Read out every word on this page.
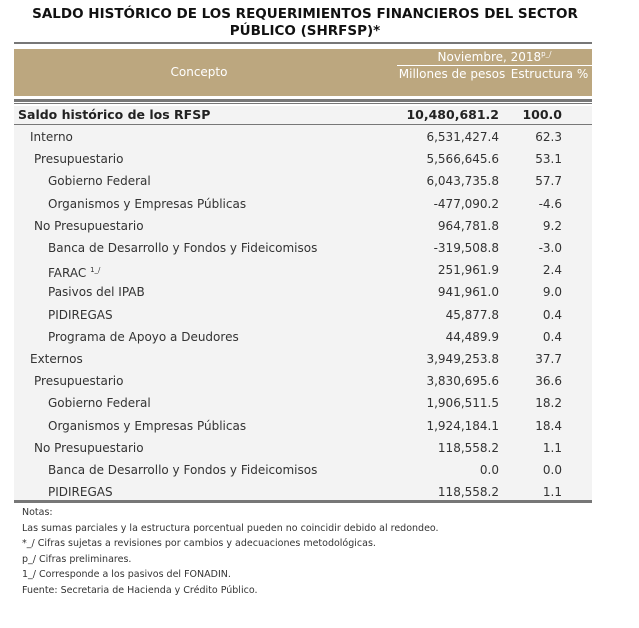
SALDO HISTÓRICO DE LOS REQUERIMIENTOS FINANCIEROS DEL SECTOR PÚBLICO (SHRFSP)*
Concepto
Noviembre, $2018^{p\_/}$
Millones de pesos Estructura %
Saldo histórico de los RFSP	10,480,681.2 100.0
Interno	6,531,427.4	62.3
Presupuestario	5,566,645.6	53.1
Gobierno Federal	6,043,735.8	57.7
Organismos y Empresas Públicas	-477,090.2	-4.6
No Presupuestario	964,781.8	9.2
Banca de Desarrollo y Fondos y Fideicomisos	-319,508.8	-3.0
FARAC $^{1\_/}$	251,961.9	2.4
Pasivos del IPAB	941,961.0	9.0
PIDIREGAS	45,877.8	0.4
Programa de Apoyo a Deudores	44,489.9	0.4
Externos	3,949,253.8	37.7
Presupuestario	3,830,695.6	36.6
Gobierno Federal	1,906,511.5	18.2
Organismos y Empresas Públicas	1,924,184.1	18.4
No Presupuestario	118,558.2	1.1
Banca de Desarrollo y Fondos y Fideicomisos	0.0	0.0
PIDIREGAS	118,558.2	1.1
Notas:
Las sumas parciales y la estructura porcentual pueden no coincidir debido al redondeo.
*_/ Cifras sujetas a revisiones por cambios y adecuaciones metodológicas.
p_/ Cifras preliminares.
1_/ Corresponde a los pasivos del FONADIN.
Fuente: Secretaria de Hacienda y Crédito Público.
